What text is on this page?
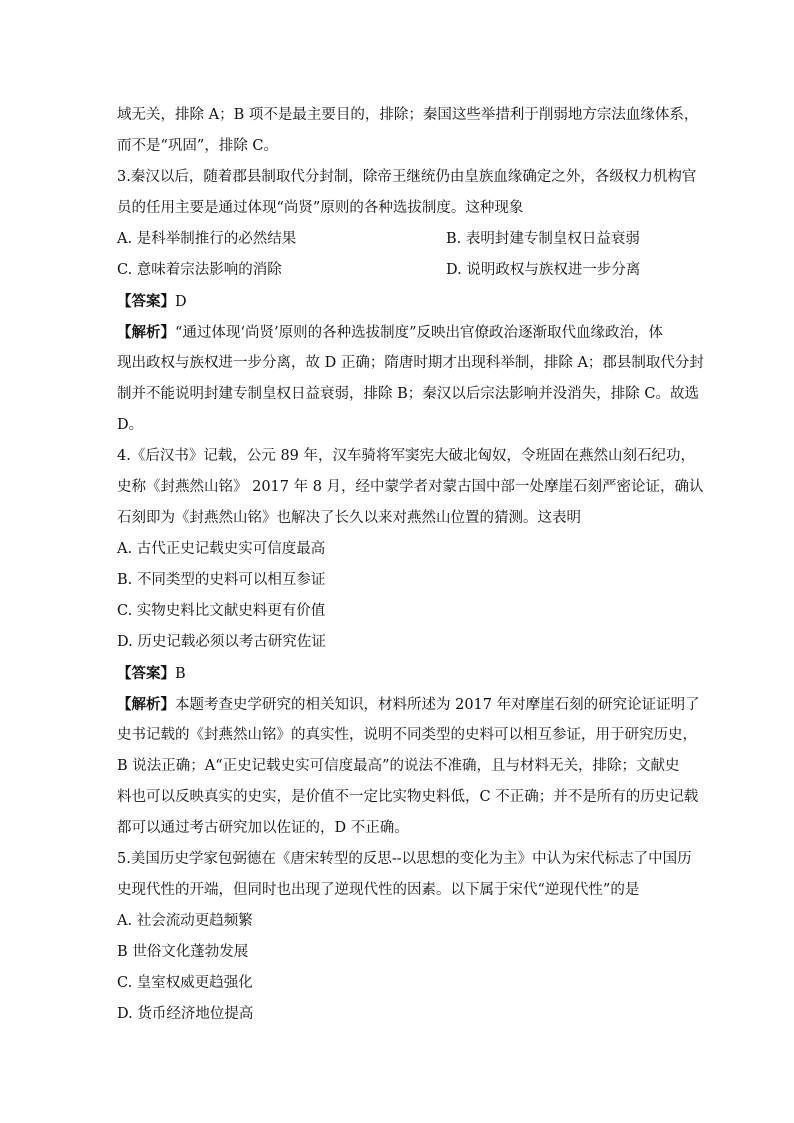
域无关，排除 A；B 项不是最主要目的，排除；秦国这些举措利于削弱地方宗法血缘体系，
而不是“巩固”，排除 C。
3.秦汉以后，随着郡县制取代分封制，除帝王继统仍由皇族血缘确定之外，各级权力机构官
员的任用主要是通过体现“尚贤”原则的各种选拔制度。这种现象
A. 是科举制推行的必然结果	B. 表明封建专制皇权日益衰弱
C. 意味着宗法影响的消除	D. 说明政权与族权进一步分离
【答案】D
【解析】“通过体现‘尚贤’原则的各种选拔制度”反映出官僚政治逐渐取代血缘政治，体
现出政权与族权进一步分离，故 D 正确；隋唐时期才出现科举制，排除 A；郡县制取代分封
制并不能说明封建专制皇权日益衰弱，排除 B；秦汉以后宗法影响并没消失，排除 C。故选
D。
4.《后汉书》记载，公元 89 年，汉车骑将军窦宪大破北匈奴，令班固在燕然山刻石纪功，
史称《封燕然山铭》 2017 年 8 月，经中蒙学者对蒙古国中部一处摩崖石刻严密论证，确认
石刻即为《封燕然山铭》也解决了长久以来对燕然山位置的猜测。这表明
A. 古代正史记载史实可信度最高
B. 不同类型的史料可以相互参证
C. 实物史料比文献史料更有价值
D. 历史记载必须以考古研究佐证
【答案】B
【解析】本题考查史学研究的相关知识，材料所述为 2017 年对摩崖石刻的研究论证证明了
史书记载的《封燕然山铭》的真实性，说明不同类型的史料可以相互参证，用于研究历史，
B 说法正确；A“正史记载史实可信度最高”的说法不准确，且与材料无关，排除；文献史
料也可以反映真实的史实，是价值不一定比实物史料低，C 不正确；并不是所有的历史记载
都可以通过考古研究加以佐证的，D 不正确。
5.美国历史学家包弼德在《唐宋转型的反思--以思想的变化为主》中认为宋代标志了中国历
史现代性的开端，但同时也出现了逆现代性的因素。以下属于宋代“逆现代性”的是
A. 社会流动更趋频繁
B 世俗文化蓬勃发展
C. 皇室权威更趋强化
D. 货币经济地位提高
